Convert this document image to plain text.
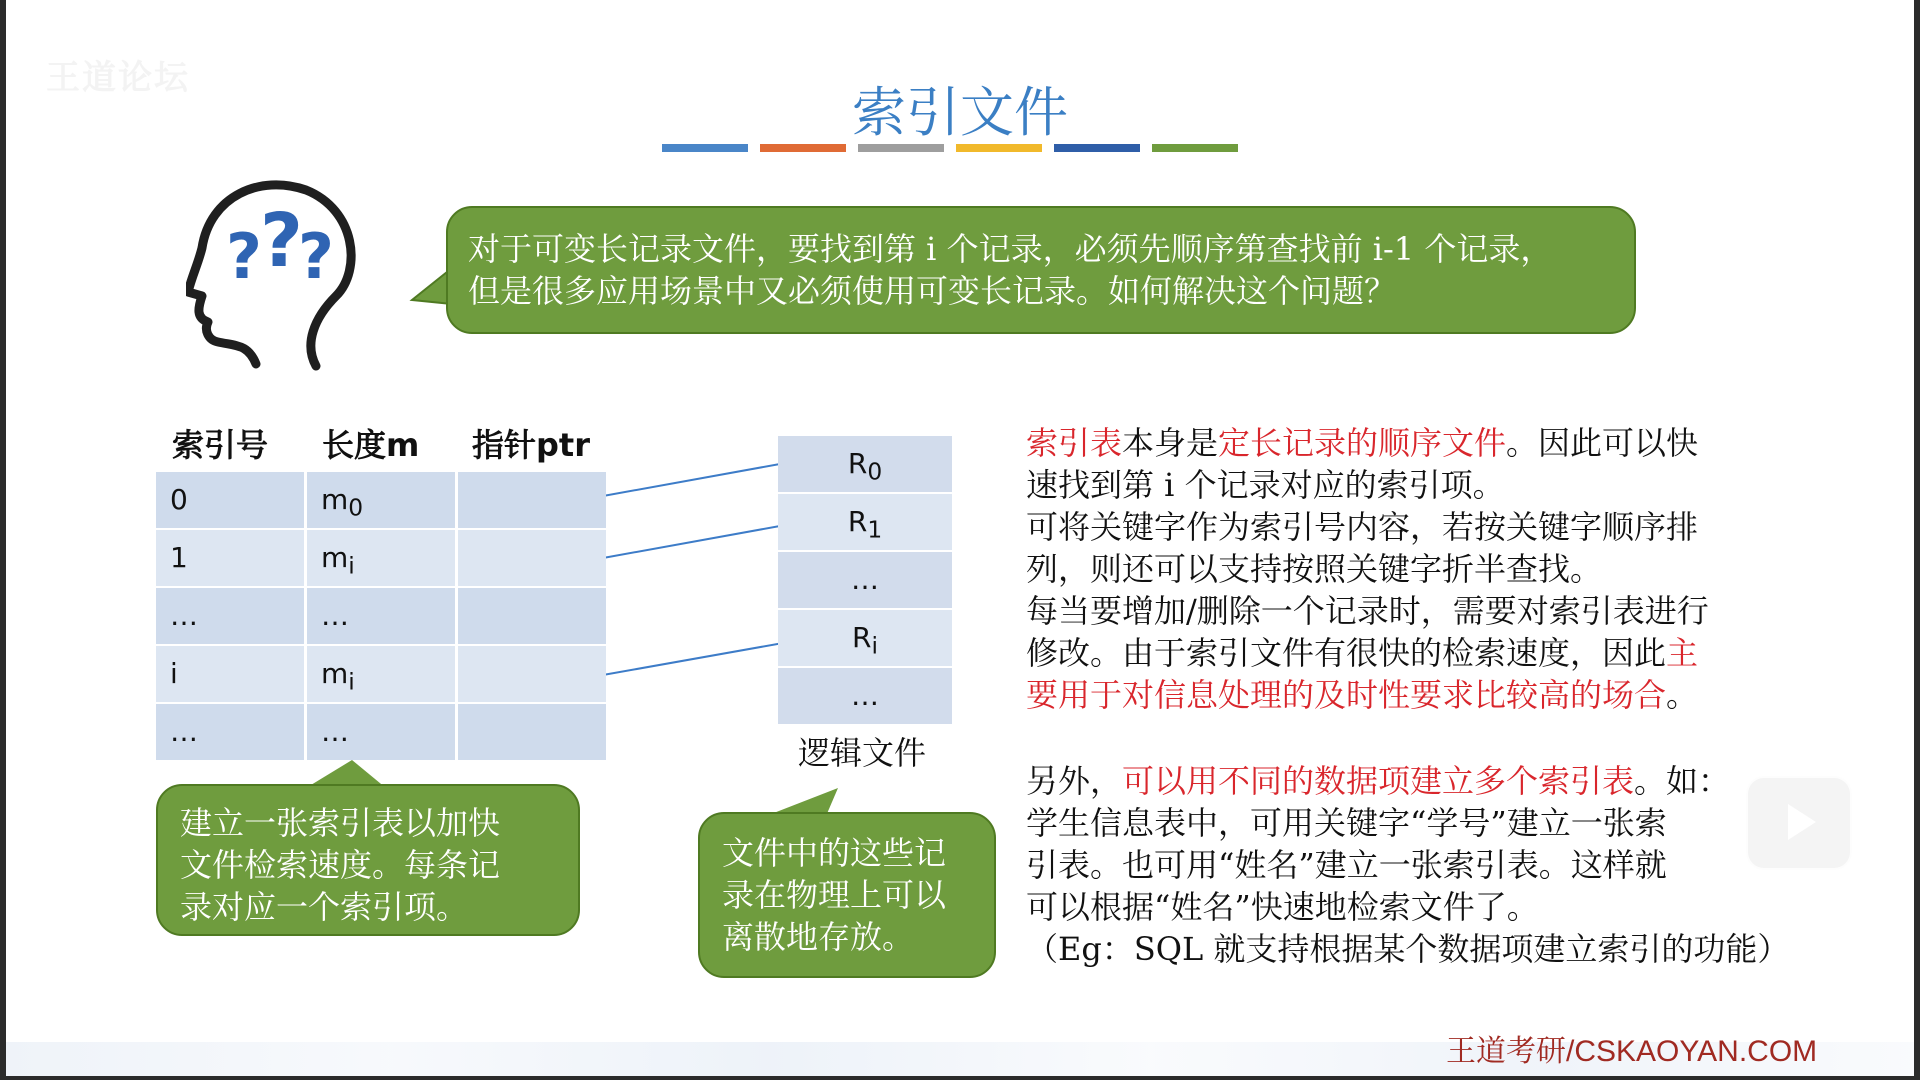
王道论坛
索引文件
?
?
?	对于可变长记录文件，要找到第 i 个记录，必须先顺序第查找前 i-1 个记录，
但是很多应用场景中又必须使用可变长记录。如何解决这个问题？
索引号 长度m 指针ptr
0	$m_0$
1	$m_i$
…	…
i	$m_i$
…	…
$R_0$
$R_1$
…
$R_i$
…
逻辑文件
建立一张索引表以加快
文件检索速度。每条记
录对应一个索引项。
文件中的这些记
录在物理上可以
离散地存放。
索引表本身是定长记录的顺序文件。因此可以快
速找到第 i 个记录对应的索引项。
可将关键字作为索引号内容，若按关键字顺序排
列，则还可以支持按照关键字折半查找。
每当要增加/删除一个记录时，需要对索引表进行
修改。由于索引文件有很快的检索速度，因此主
要用于对信息处理的及时性要求比较高的场合。
另外，可以用不同的数据项建立多个索引表。如：
学生信息表中，可用关键字“学号”建立一张索
引表。也可用“姓名”建立一张索引表。这样就
可以根据“姓名”快速地检索文件了。
（Eg：SQL 就支持根据某个数据项建立索引的功能）
王道考研/CSKAOYAN.COM
